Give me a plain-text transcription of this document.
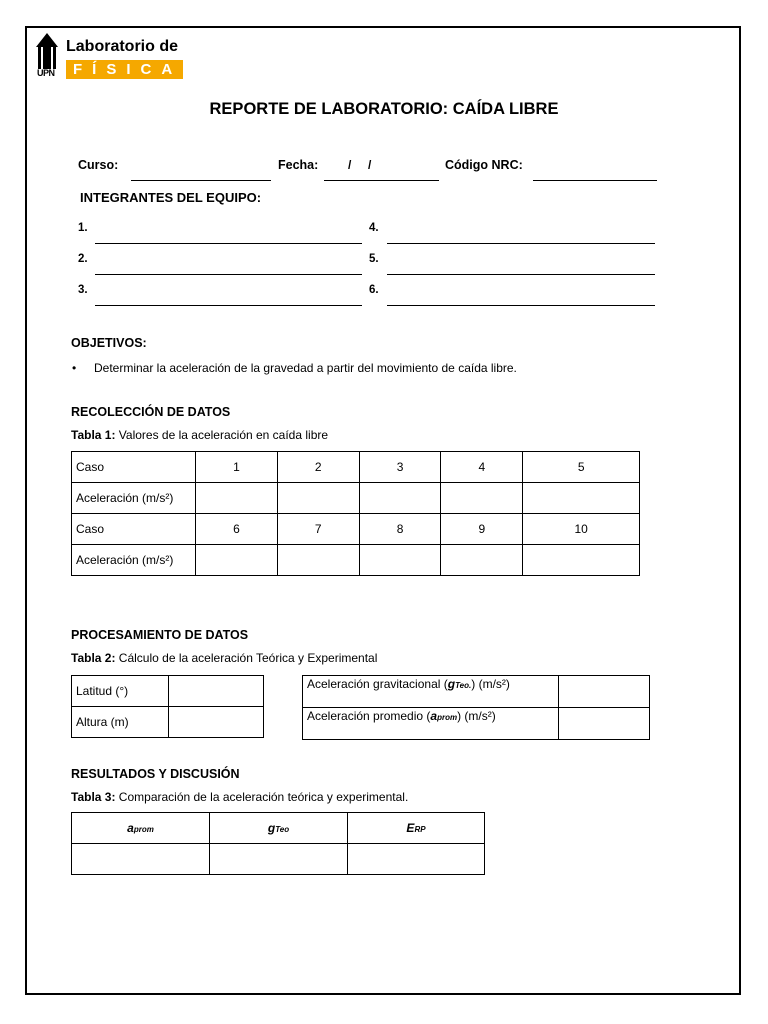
UPN
Laboratorio de
FÍSICA
REPORTE DE LABORATORIO: CAÍDA LIBRE
Curso:	Fecha: /     /	Código NRC:
INTEGRANTES DEL EQUIPO:
1.
2.
3.
4.
5.
6.
OBJETIVOS:
• Determinar la aceleración de la gravedad a partir del movimiento de caída libre.
RECOLECCIÓN DE DATOS
Tabla 1: Valores de la aceleración en caída libre
Caso	1	2	3	4	5
Aceleración (m/s²)					
Caso	6	7	8	9	10
Aceleración (m/s²)					
PROCESAMIENTO DE DATOS
Tabla 2: Cálculo de la aceleración Teórica y Experimental
Latitud (°)	
Altura (m)	
Aceleración gravitacional (gTeo.) (m/s²)	
Aceleración promedio (aprom) (m/s²)	
RESULTADOS Y DISCUSIÓN
Tabla 3: Comparación de la aceleración teórica y experimental.
aprom	gTeo	ERP
